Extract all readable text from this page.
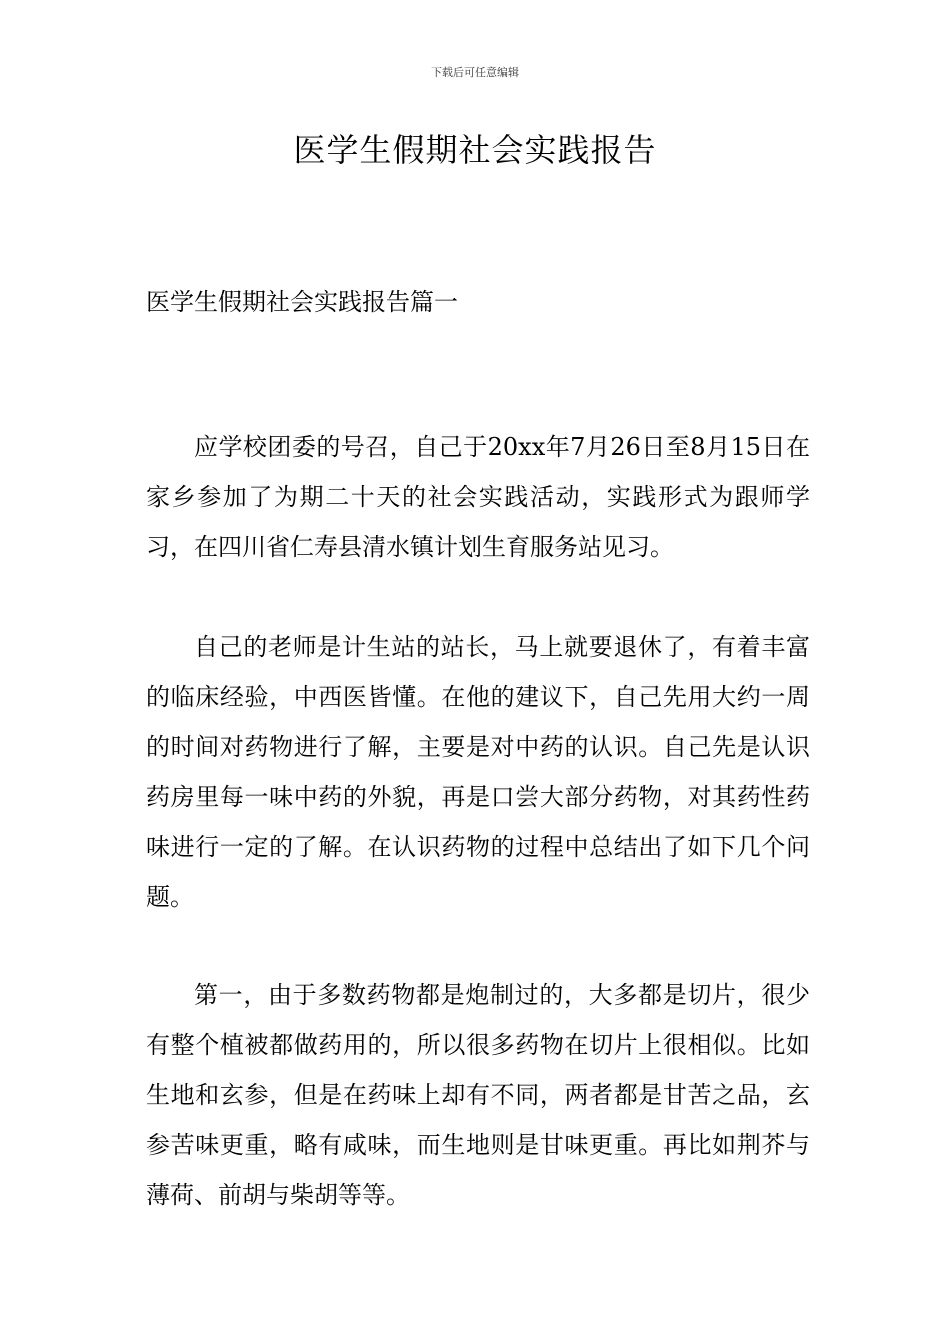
下载后可任意编辑
医学生假期社会实践报告
医学生假期社会实践报告篇一

应学校团委的号召，自己于20xx年7月26日至8月15日在家乡参加了为期二十天的社会实践活动，实践形式为跟师学习，在四川省仁寿县清水镇计划生育服务站见习。

自己的老师是计生站的站长，马上就要退休了，有着丰富的临床经验，中西医皆懂。在他的建议下，自己先用大约一周的时间对药物进行了解，主要是对中药的认识。自己先是认识药房里每一味中药的外貌，再是口尝大部分药物，对其药性药味进行一定的了解。在认识药物的过程中总结出了如下几个问题。

第一，由于多数药物都是炮制过的，大多都是切片，很少有整个植被都做药用的，所以很多药物在切片上很相似。比如生地和玄参，但是在药味上却有不同，两者都是甘苦之品，玄参苦味更重，略有咸味，而生地则是甘味更重。再比如荆芥与薄荷、前胡与柴胡等等。
